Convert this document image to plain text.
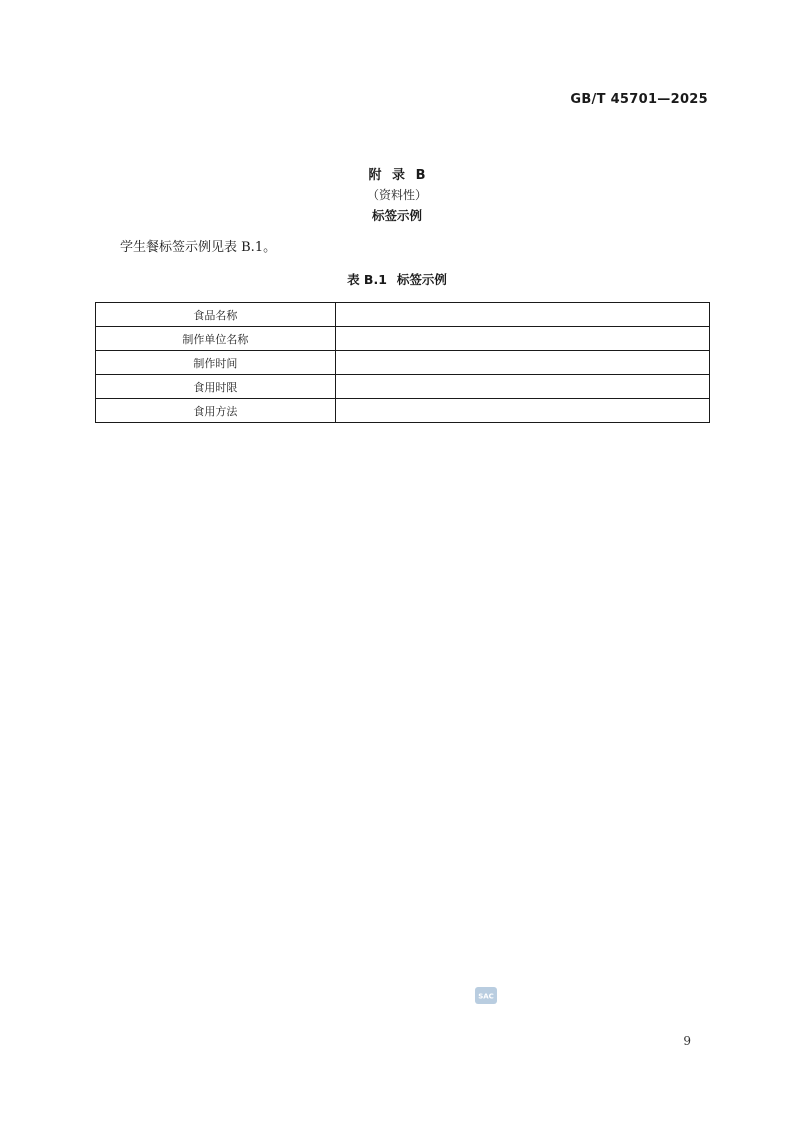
GB/T 45701—2025
附 录 B
（资料性）
标签示例
学生餐标签示例见表 B.1。
表 B.1 标签示例
食品名称	
制作单位名称	
制作时间	
食用时限	
食用方法	
SAC
9
